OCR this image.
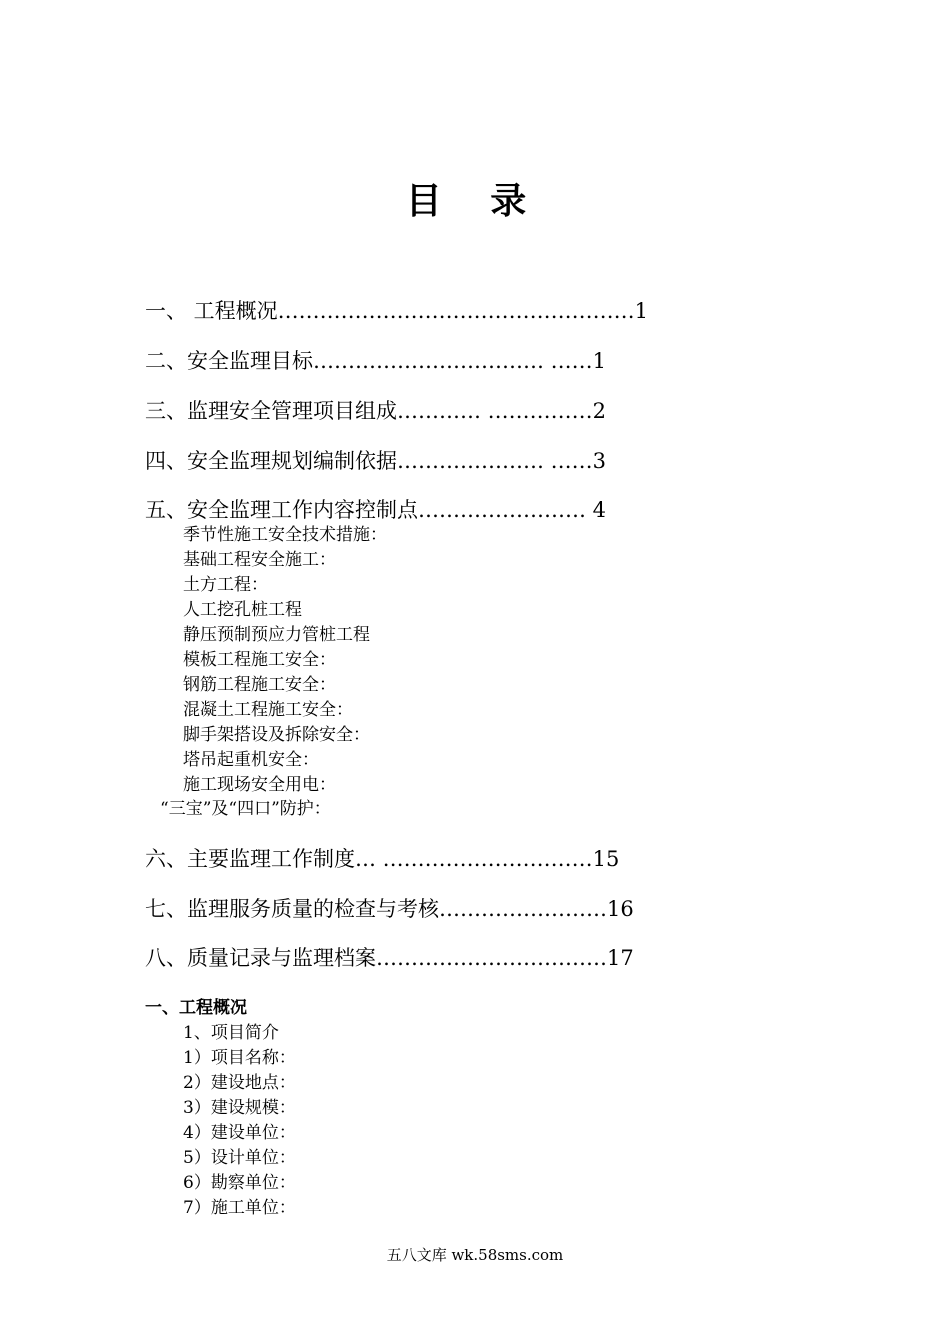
目 录
一、 工程概况……………………………………………1
二、安全监理目标…………………………… ……1
三、监理安全管理项目组成………… ……………2
四、安全监理规划编制依据………………… ……3
五、安全监理工作内容控制点…………………… 4
季节性施工安全技术措施：
基础工程安全施工：
土方工程：
人工挖孔桩工程
静压预制预应力管桩工程
模板工程施工安全：
钢筋工程施工安全：
混凝土工程施工安全：
脚手架搭设及拆除安全：
塔吊起重机安全：
施工现场安全用电：
“三宝”及“四口”防护：
六、主要监理工作制度… …………………………15
七、监理服务质量的检查与考核……………………16
八、质量记录与监理档案……………………………17
一、工程概况
1、项目简介
1）项目名称：
2）建设地点：
3）建设规模：
4）建设单位：
5）设计单位：
6）勘察单位：
7）施工单位：
五八文库 wk.58sms.com
